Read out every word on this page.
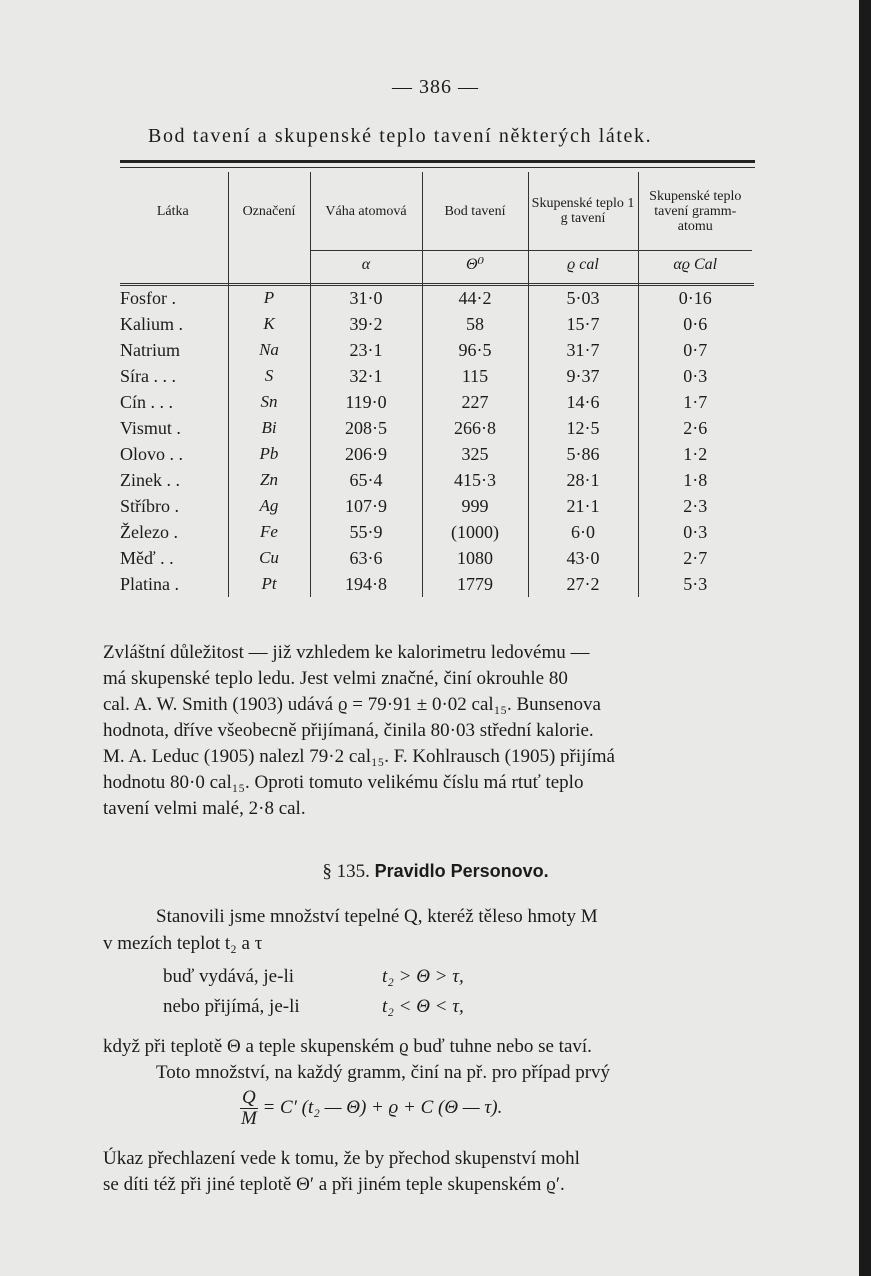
— 386 —
Bod tavení a skupenské teplo tavení některých látek.
Látka	Označení	Váha atomová	Bod tavení	Skupenské teplo 1 g tavení	Skupenské teplo tavení gramm- atomu
		α	Θ⁰	ϱ cal	αϱ Cal
Fosfor .	P	31·0	44·2	5·03	0·16
Kalium .	K	39·2	58	15·7	0·6
Natrium	Na	23·1	96·5	31·7	0·7
Síra . . .	S	32·1	115	9·37	0·3
Cín . . .	Sn	119·0	227	14·6	1·7
Vismut .	Bi	208·5	266·8	12·5	2·6
Olovo . .	Pb	206·9	325	5·86	1·2
Zinek . .	Zn	65·4	415·3	28·1	1·8
Stříbro .	Ag	107·9	999	21·1	2·3
Železo .	Fe	55·9	(1000)	6·0	0·3
Měď . .	Cu	63·6	1080	43·0	2·7
Platina .	Pt	194·8	1779	27·2	5·3

Zvláštní důležitost — již vzhledem ke kalorimetru ledovému —

má skupenské teplo ledu. Jest velmi značné, činí okrouhle 80

cal. A. W. Smith (1903) udává ϱ = 79·91 ± 0·02 cal₁₅. Bunsenova

hodnota, dříve všeobecně přijímaná, činila 80·03 střední kalorie.

M. A. Leduc (1905) nalezl 79·2 cal₁₅. F. Kohlrausch (1905) přijímá

hodnotu 80·0 cal₁₅. Oproti tomuto velikému číslu má rtuť teplo

tavení velmi malé, 2·8 cal.

§ 135. Pravidlo Personovo.
Stanovili jsme množství tepelné Q, kteréž těleso hmoty M
v mezích teplot t₂ a τ
buď vydává, je-li	t₂ > Θ > τ,
nebo přijímá, je-li	t₂ < Θ < τ,
když při teplotě Θ a teple skupenském ϱ buď tuhne nebo se taví.
Toto množství, na každý gramm, činí na př. pro případ prvý
$\frac{Q}{M} = C'$ (t₂ — Θ) + ϱ + C (Θ — τ).
Úkaz přechlazení vede k tomu, že by přechod skupenství mohl
se díti též při jiné teplotě Θ′ a při jiném teple skupenském ϱ′.
